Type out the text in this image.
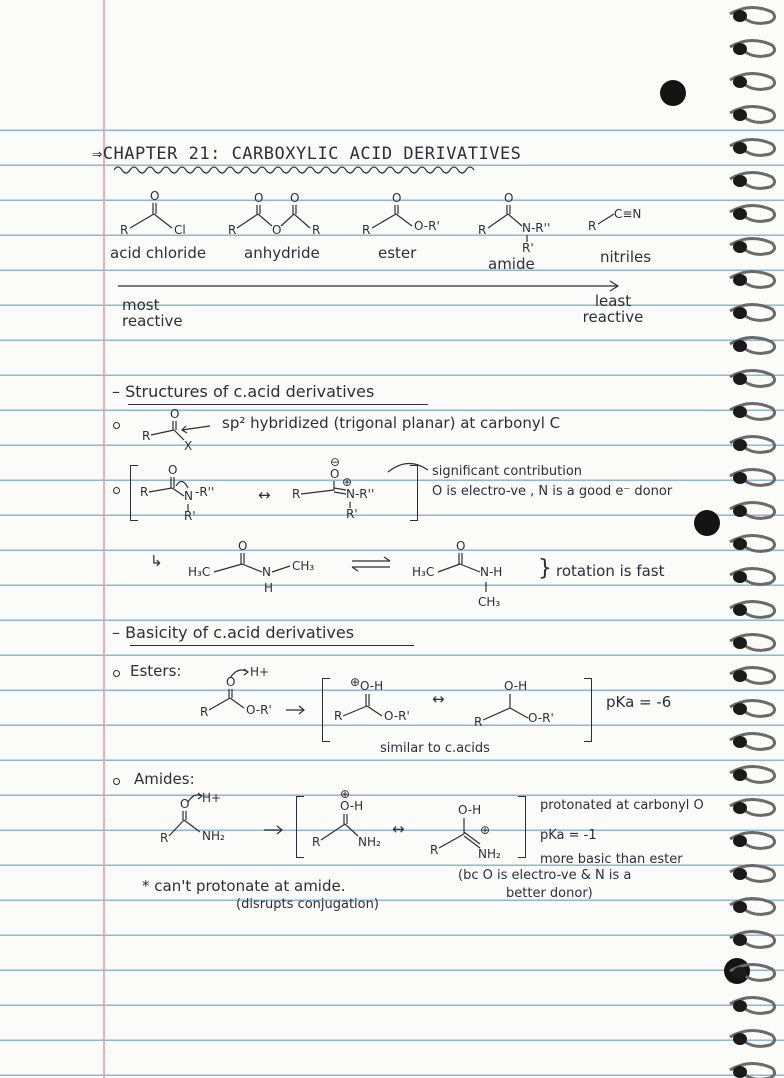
⇒CHAPTER 21: CARBOXYLIC ACID DERIVATIVES
O
R	Cl
O O
R	O	R
O
R	O-R'
O
R	N-R''
R'
R
C≡N
acid chloride	anhydride	ester
amide	nitriles
most reactive
least reactive
– Structures of c.acid derivatives
O
R
X
sp² hybridized (trigonal planar) at carbonyl C
O
R	N -R''
R'
↔
⊖
O
R
⊕
N-R''
R'
significant contribution
O is electro-ve , N is a good e⁻ donor
↳
O
H₃C	N CH₃
H
O
H₃C	N-H
CH₃
} rotation is fast
– Basicity of c.acid derivatives
Esters:	H+
O
R	O-R'
⊕ O-H
R	O-R'
↔
O-H
R	O-R'
pKa = -6
similar to c.acids
Amides:
H+
O
R	NH₂
⊕
O-H
R	NH₂
↔
O-H
R
⊕
NH₂
protonated at carbonyl O
pKa = -1
more basic than ester
(bc O is electro-ve & N is a
better donor)
* can't protonate at amide.
(disrupts conjugation)
